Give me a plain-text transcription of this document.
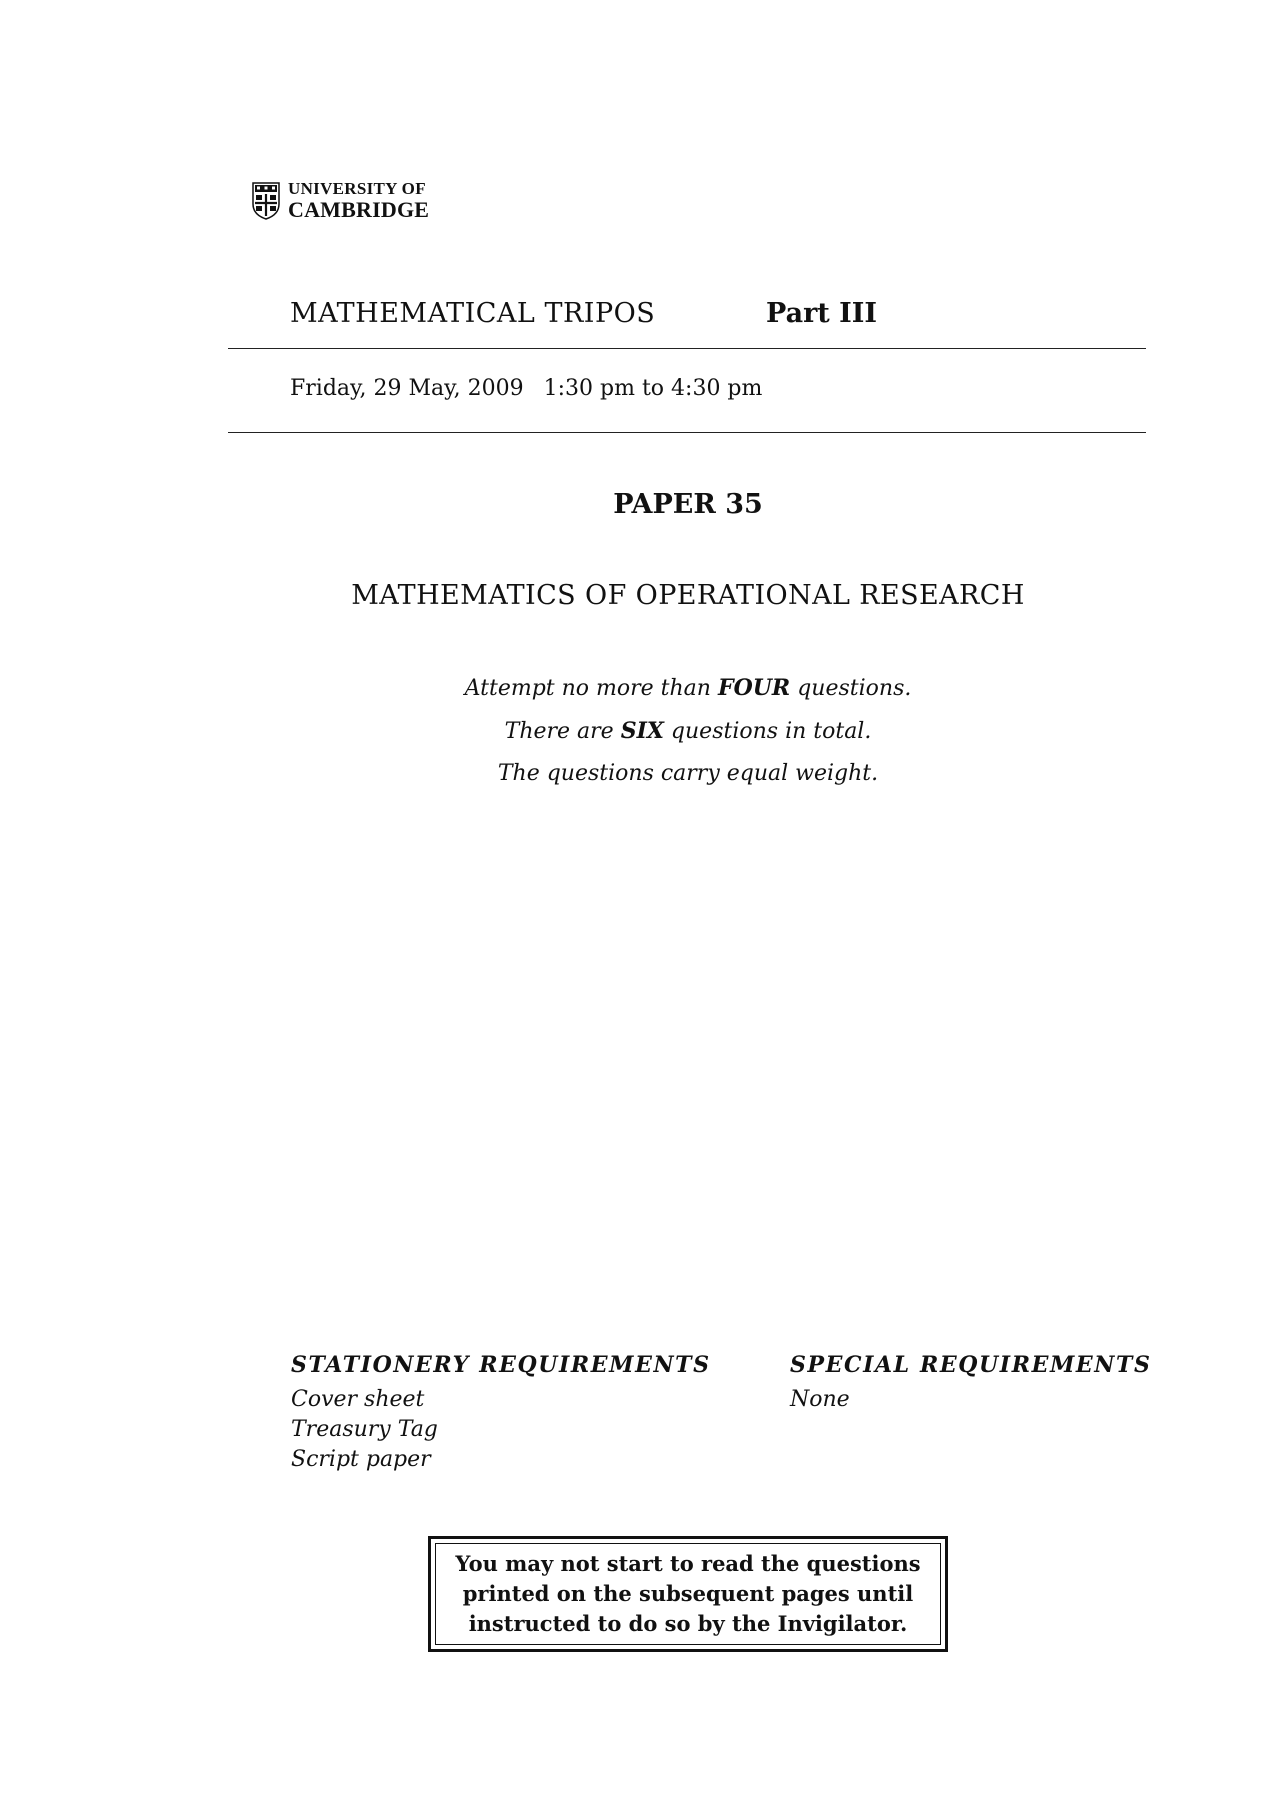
UNIVERSITY OF
CAMBRIDGE
MATHEMATICAL TRIPOS	Part III
Friday, 29 May, 2009 1:30 pm to 4:30 pm
PAPER 35
MATHEMATICS OF OPERATIONAL RESEARCH
Attempt no more than FOUR questions.
There are SIX questions in total.
The questions carry equal weight.
STATIONERY REQUIREMENTS
Cover sheet
Treasury Tag
Script paper
SPECIAL REQUIREMENTS
None
You may not start to read the questions
printed on the subsequent pages until
instructed to do so by the Invigilator.
